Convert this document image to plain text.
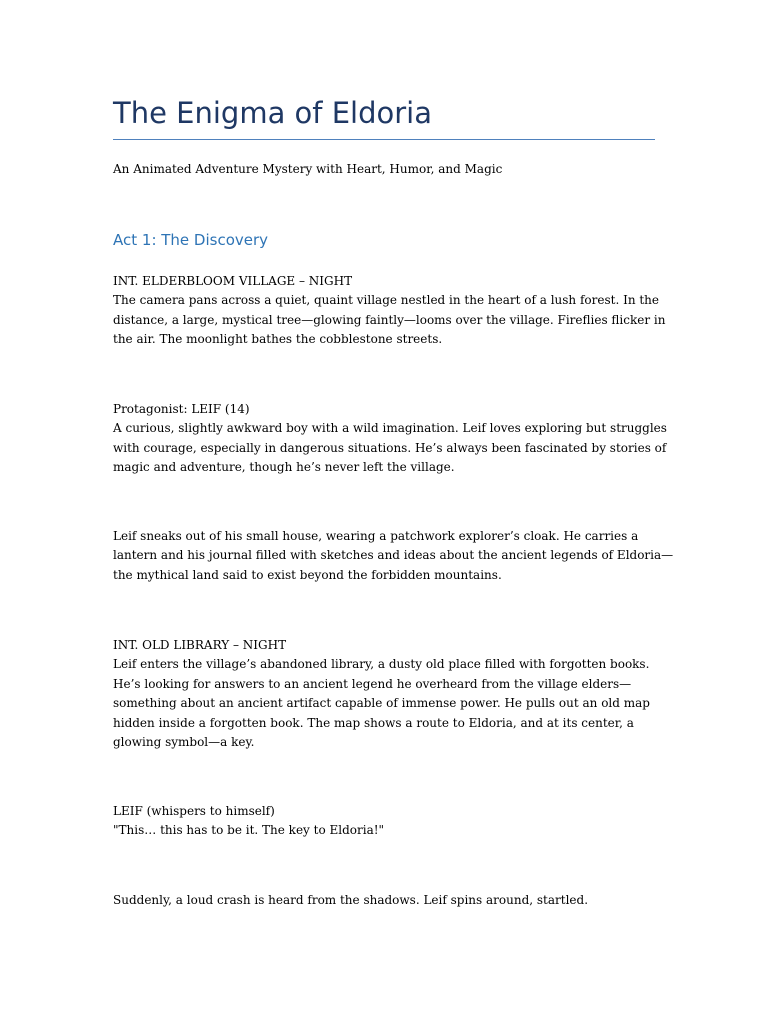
The Enigma of Eldoria
An Animated Adventure Mystery with Heart, Humor, and Magic
Act 1: The Discovery
INT. ELDERBLOOM VILLAGE – NIGHT
The camera pans across a quiet, quaint village nestled in the heart of a lush forest. In the
distance, a large, mystical tree—glowing faintly—looms over the village. Fireflies flicker in
the air. The moonlight bathes the cobblestone streets.
Protagonist: LEIF (14)
A curious, slightly awkward boy with a wild imagination. Leif loves exploring but struggles
with courage, especially in dangerous situations. He’s always been fascinated by stories of
magic and adventure, though he’s never left the village.
Leif sneaks out of his small house, wearing a patchwork explorer’s cloak. He carries a
lantern and his journal filled with sketches and ideas about the ancient legends of Eldoria—
the mythical land said to exist beyond the forbidden mountains.
INT. OLD LIBRARY – NIGHT
Leif enters the village’s abandoned library, a dusty old place filled with forgotten books.
He’s looking for answers to an ancient legend he overheard from the village elders—
something about an ancient artifact capable of immense power. He pulls out an old map
hidden inside a forgotten book. The map shows a route to Eldoria, and at its center, a
glowing symbol—a key.
LEIF (whispers to himself)
"This… this has to be it. The key to Eldoria!"
Suddenly, a loud crash is heard from the shadows. Leif spins around, startled.
